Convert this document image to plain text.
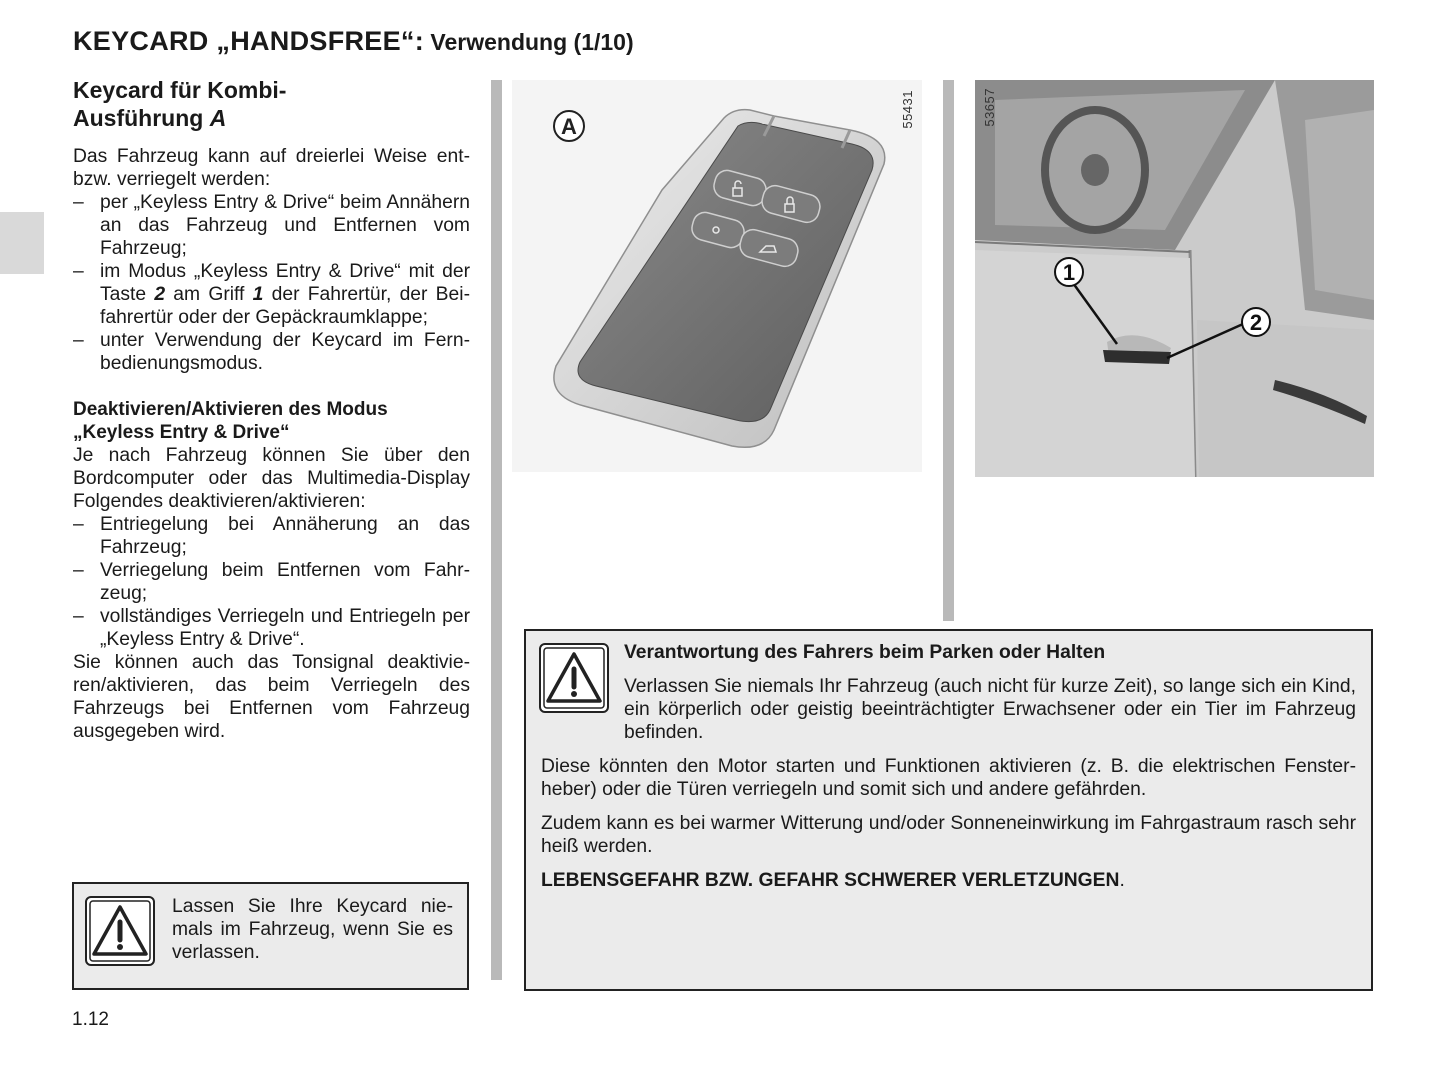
KEYCARD „HANDSFREE“: Verwendung (1/10)
Keycard für Kombi-
Ausführung A

Das Fahrzeug kann auf dreierlei Weise entbzw. verriegelt werden:

– per „Keyless Entry & Drive“ beim Annähern an das Fahrzeug und Entfernen vom Fahrzeug;
– im Modus „Keyless Entry & Drive“ mit der Taste 2 am Griff 1 der Fahrertür, der Beifahrertür oder der Gepäckraumklappe;
– unter Verwendung der Keycard im Fernbedienungsmodus.
Deaktivieren/Aktivieren des Modus
„Keyless Entry & Drive“

Je nach Fahrzeug können Sie über den Bordcomputer oder das Multimedia-Display Folgendes deaktivieren/aktivieren:

– Entriegelung bei Annäherung an das Fahrzeug;
– Verriegelung beim Entfernen vom Fahrzeug;
– vollständiges Verriegeln und Entriegeln per „Keyless Entry & Drive“.

Sie können auch das Tonsignal deaktivieren/aktivieren, das beim Verriegeln des Fahrzeugs bei Entfernen vom Fahrzeug ausgegeben wird.

A	55431
1
2
53657
Lassen Sie Ihre Keycard niemals im Fahrzeug, wenn Sie es verlassen.
Verantwortung des Fahrers beim Parken oder Halten
Verlassen Sie niemals Ihr Fahrzeug (auch nicht für kurze Zeit), so lange sich ein Kind, ein körperlich oder geistig beeinträchtigter Erwachsener oder ein Tier im Fahrzeug befinden.

Diese könnten den Motor starten und Funktionen aktivieren (z. B. die elektrischen Fensterheber) oder die Türen verriegeln und somit sich und andere gefährden.

Zudem kann es bei warmer Witterung und/oder Sonneneinwirkung im Fahrgastraum rasch sehr heiß werden.

LEBENSGEFAHR BZW. GEFAHR SCHWERER VERLETZUNGEN.

1.12
